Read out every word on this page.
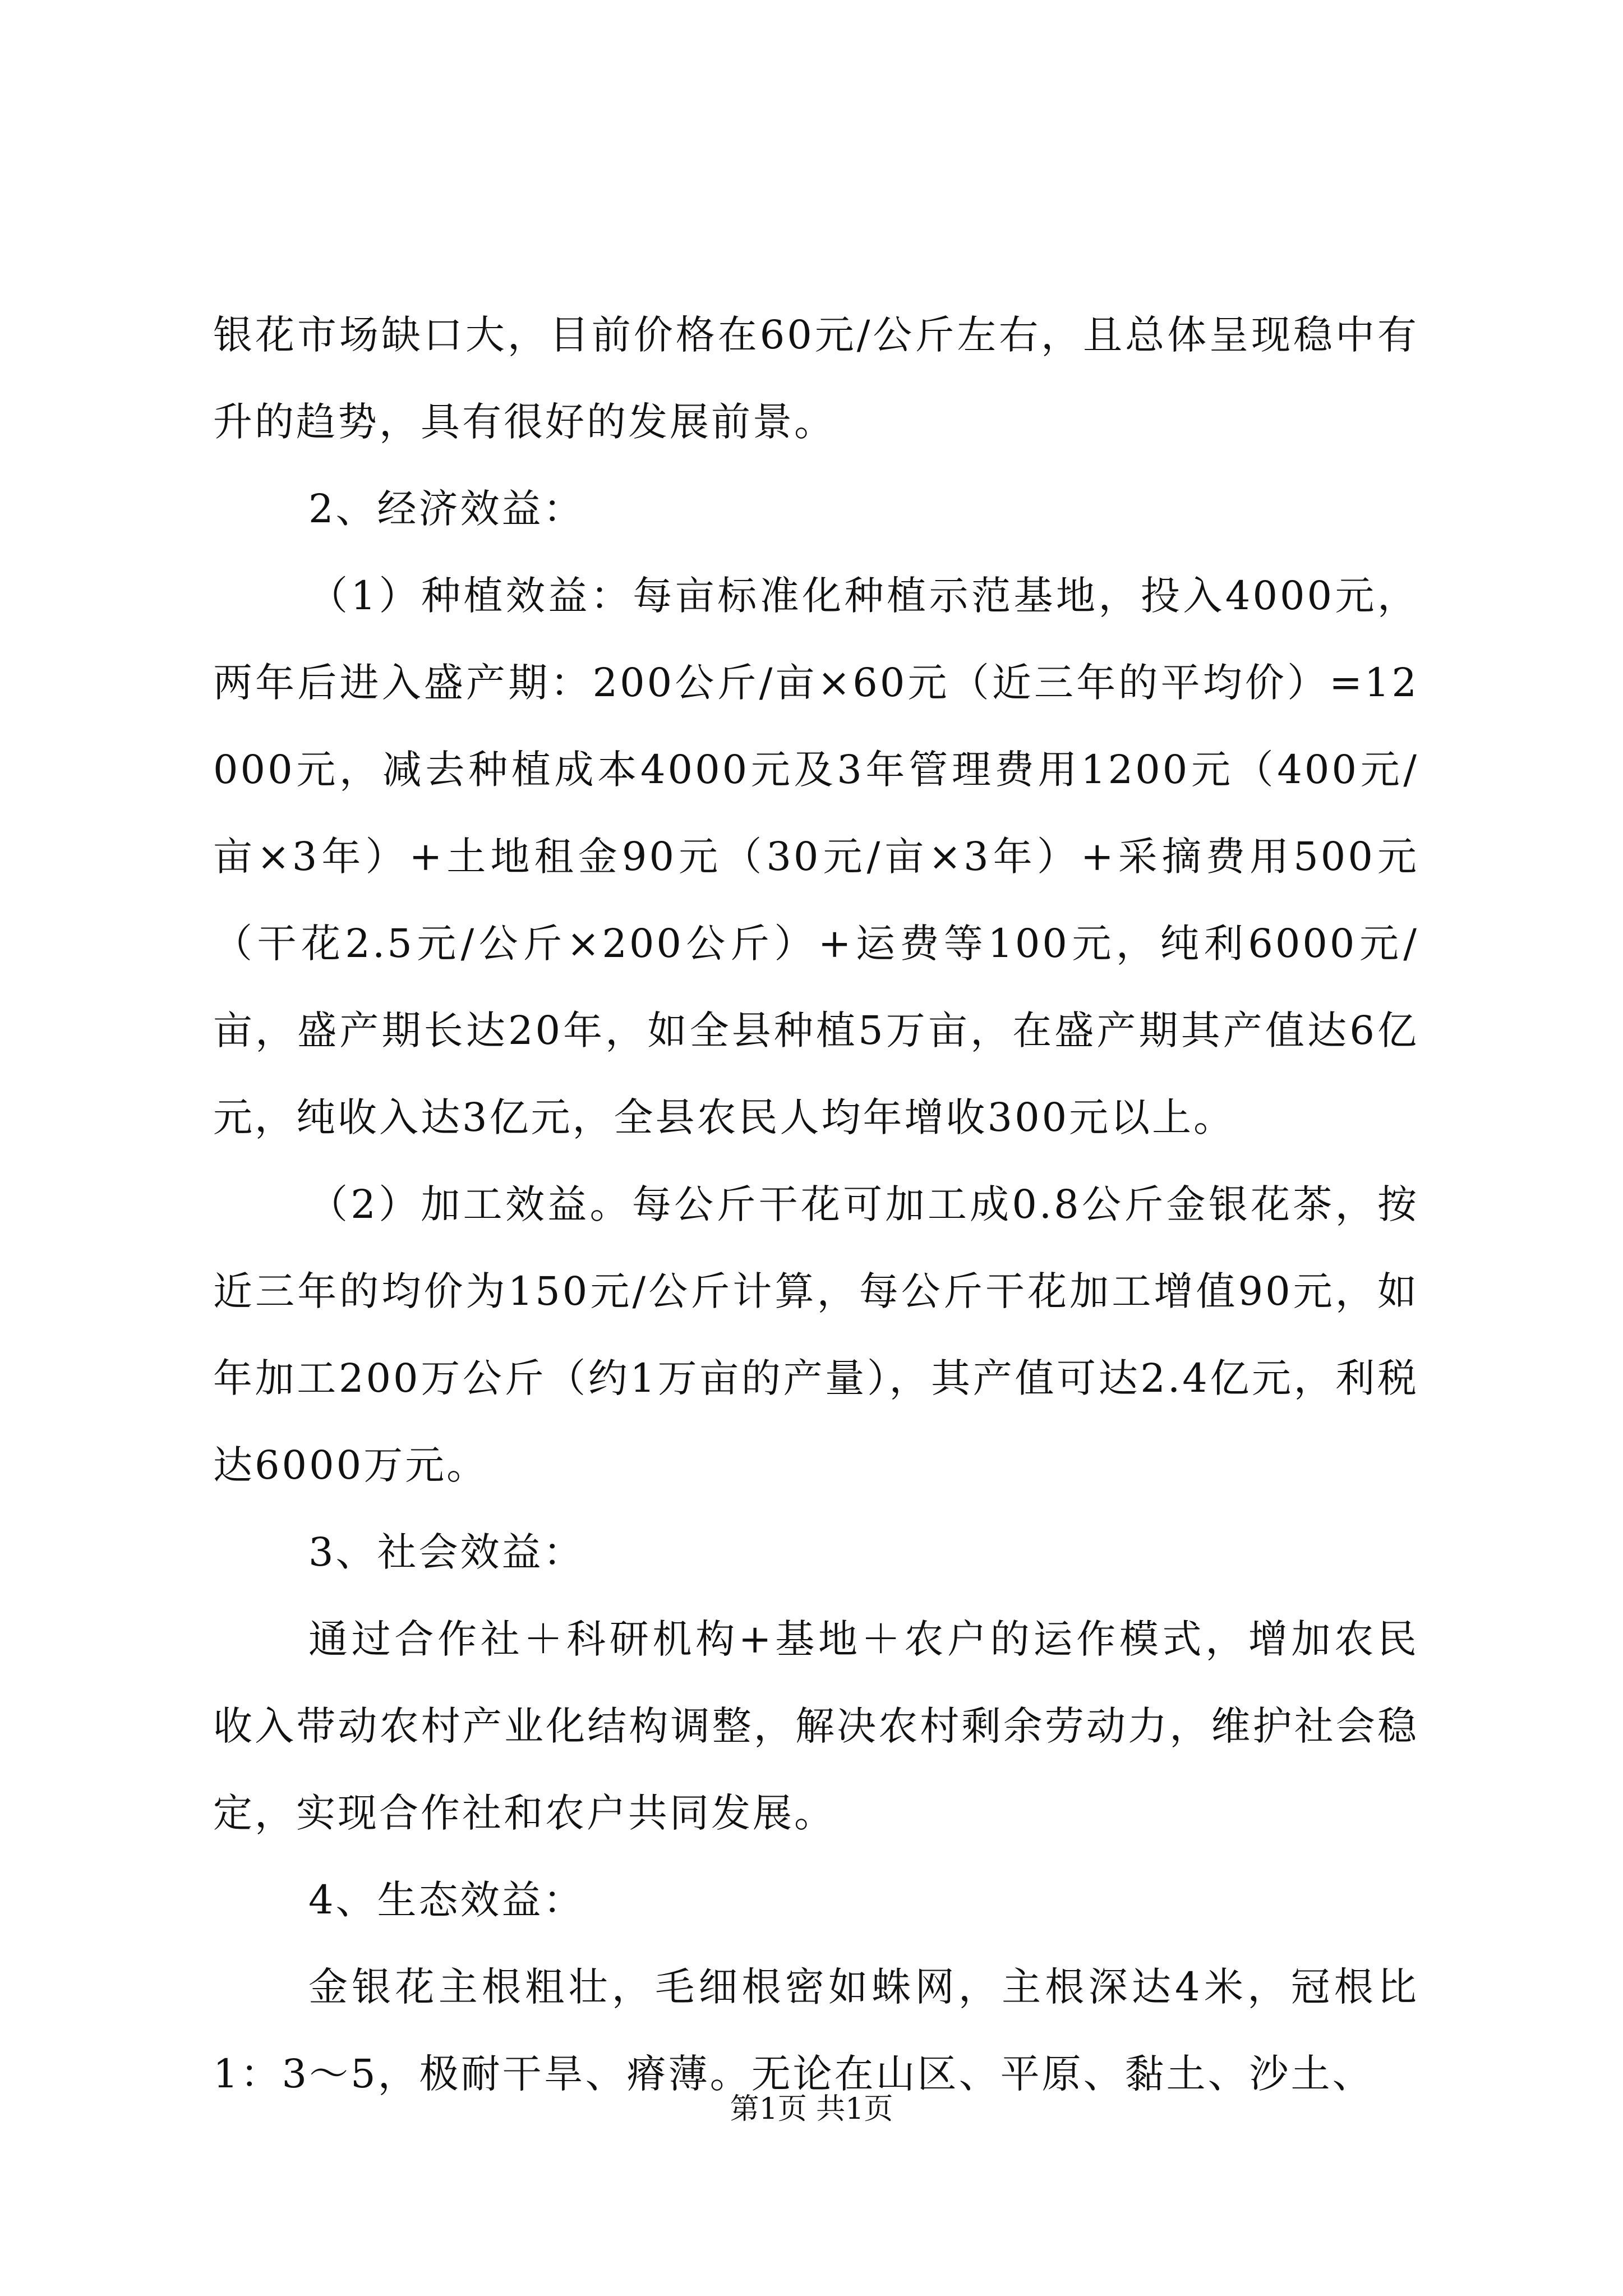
银花市场缺口大，目前价格在60元/公斤左右，且总体呈现稳中有升的趋势，具有很好的发展前景。

2、经济效益：

（1）种植效益：每亩标准化种植示范基地，投入4000元，两年后进入盛产期：200公斤/亩×60元（近三年的平均价）=12000元，减去种植成本4000元及3年管理费用1200元（400元/亩×3年）+土地租金90元（30元/亩×3年）+采摘费用500元（干花2.5元/公斤×200公斤）+运费等100元，纯利6000元/亩，盛产期长达20年，如全县种植5万亩，在盛产期其产值达6亿元，纯收入达3亿元，全县农民人均年增收300元以上。

（2）加工效益。每公斤干花可加工成0.8公斤金银花茶，按近三年的均价为150元/公斤计算，每公斤干花加工增值90元，如年加工200万公斤（约1万亩的产量），其产值可达2.4亿元，利税达6000万元。

3、社会效益：

通过合作社＋科研机构+基地＋农户的运作模式，增加农民收入带动农村产业化结构调整，解决农村剩余劳动力，维护社会稳定，实现合作社和农户共同发展。

4、生态效益：

金银花主根粗壮，毛细根密如蛛网，主根深达4米，冠根比1：3～5，极耐干旱、瘠薄。无论在山区、平原、黏土、沙土、

第1页 共1页
